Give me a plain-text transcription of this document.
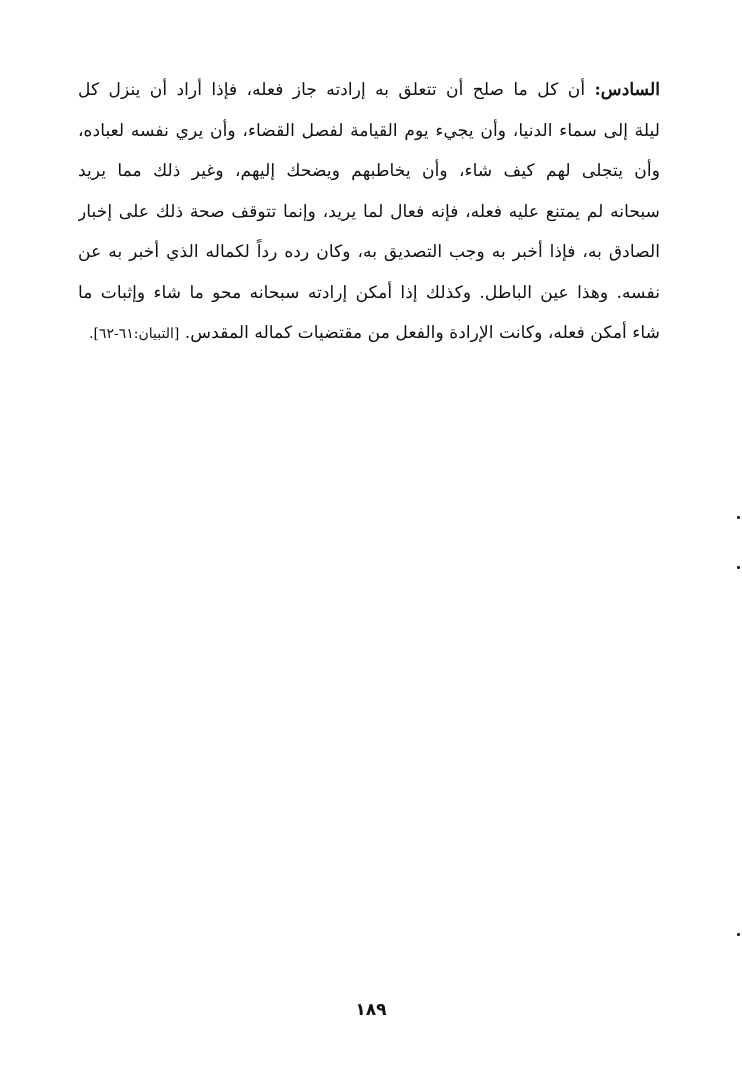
السادس: أن كل ما صلح أن تتعلق به إرادته جاز فعله، فإذا أراد أن ينزل كل
ليلة إلى سماء الدنيا، وأن يجيء يوم القيامة لفصل القضاء، وأن يري نفسه لعباده،
وأن يتجلى لهم كيف شاء، وأن يخاطبهم ويضحك إليهم، وغير ذلك مما يريد
سبحانه لم يمتنع عليه فعله، فإنه فعال لما يريد، وإنما تتوقف صحة ذلك على إخبار
الصادق به، فإذا أخبر به وجب التصديق به، وكان رده رداً لكماله الذي أخبر به عن
نفسه. وهذا عين الباطل. وكذلك إذا أمكن إرادته سبحانه محو ما شاء وإثبات ما
شاء أمكن فعله، وكانت الإرادة والفعل من مقتضيات كماله المقدس. [التبيان:٦١-٦٢].
١٨٩
